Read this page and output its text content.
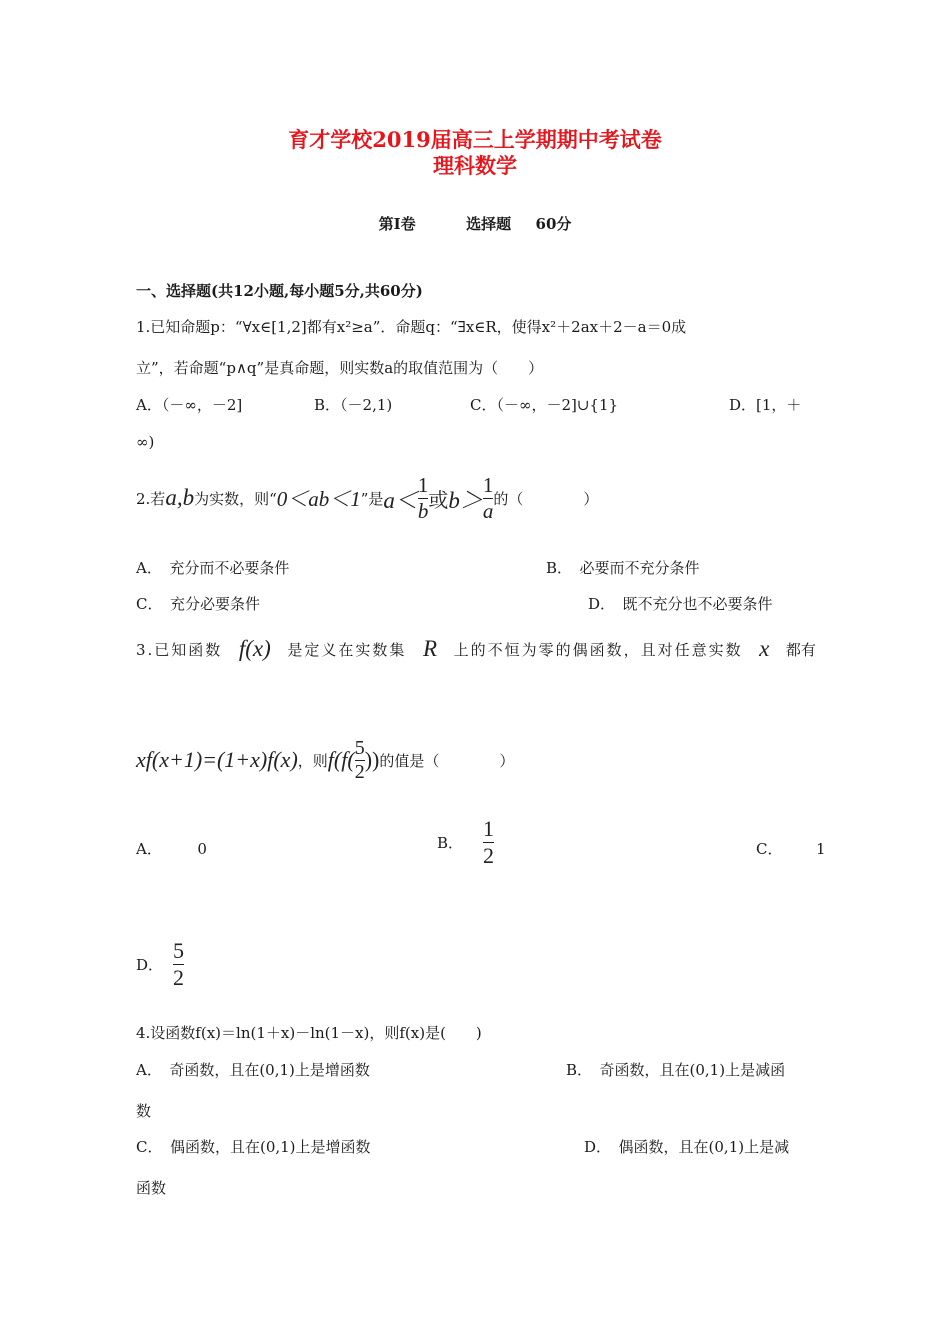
育才学校2019届高三上学期期中考试卷
理科数学
第I卷	选择题 60分
一、选择题(共12小题,每小题5分,共60分)
1.已知命题p：“∀x∈[1,2]都有x²≥a”．命题q：“∃x∈R，使得x²＋2ax＋2－a＝0成
立”，若命题“p∧q”是真命题，则实数a的取值范围为（　　）
A．（－∞，－2]	B．（－2,1)	C．（－∞，－2]∪{1}	D．[1，＋
∞)
2.若 a,b 为实数，则“ 0＜ab＜1 ”是 $a< \frac{1}{b}$ 或 $b> \frac{1}{a}$ 的（　　　　）
A．　充分而不必要条件	B．　必要而不充分条件
C．　充分必要条件	D．　既不充分也不必要条件
3.已知函数 f(x) 是定义在实数集 R 上的不恒为零的偶函数，且对任意实数 x 都有
xf(x+1)=(1+x)f(x) ，则 $f(f( \frac{5}{2}$ )) 的值是（　　　　）
A． 0	B． $\frac{1}{2}$	C． 1
D． $\frac{5}{2}$
4.设函数f(x)＝ln(1＋x)－ln(1－x)，则f(x)是(　　)
A．　奇函数，且在(0,1)上是增函数	B．　奇函数，且在(0,1)上是减函
数
C．　偶函数，且在(0,1)上是增函数	D．　偶函数，且在(0,1)上是减
函数
